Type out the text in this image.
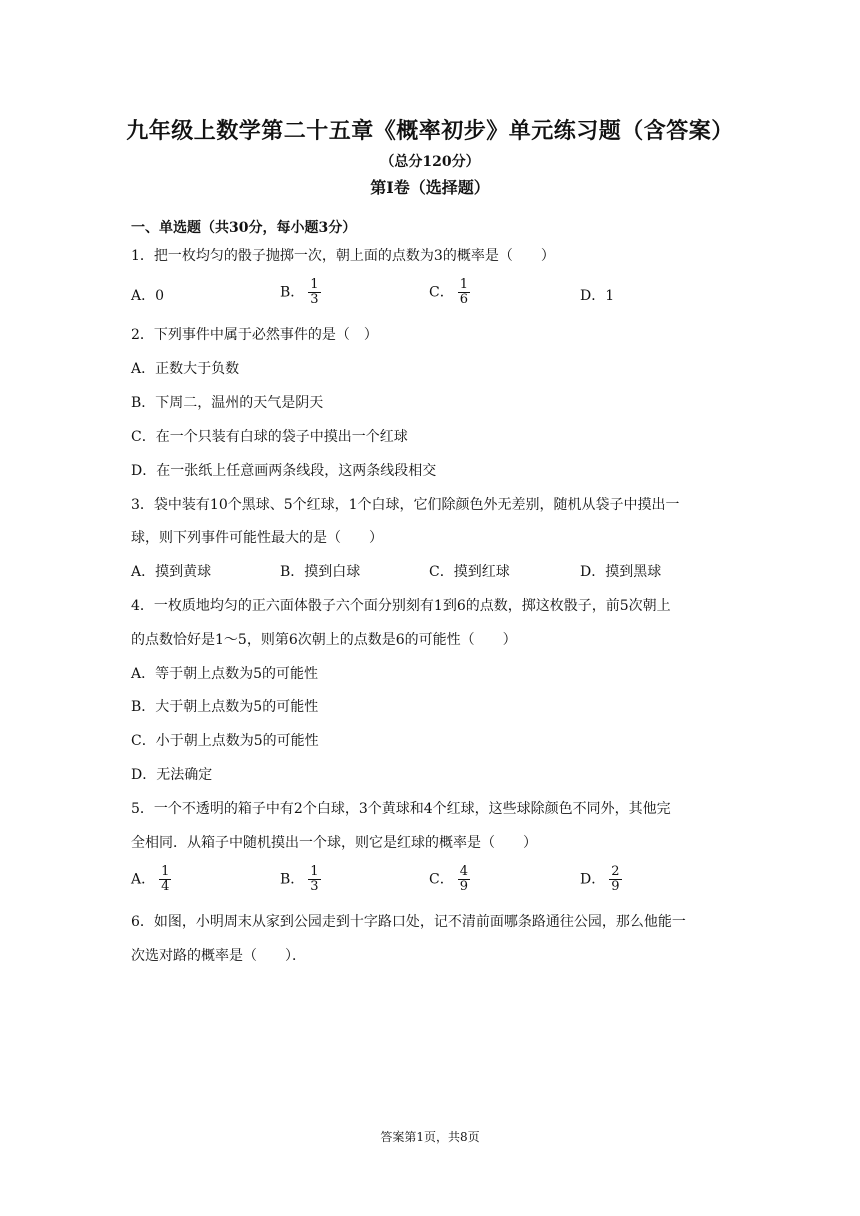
九年级上数学第二十五章《概率初步》单元练习题（含答案）
（总分120分）
第Ⅰ卷（选择题）
一、单选题（共30分，每小题3分）
1．把一枚均匀的骰子抛掷一次，朝上面的点数为3的概率是（　　）
A．0	B． $\frac{1}{3}$	C． $\frac{1}{6}$	D．1
2．下列事件中属于必然事件的是（　）
A．正数大于负数
B．下周二，温州的天气是阴天
C．在一个只装有白球的袋子中摸出一个红球
D．在一张纸上任意画两条线段，这两条线段相交
3．袋中装有10个黑球、5个红球，1个白球，它们除颜色外无差别，随机从袋子中摸出一
球，则下列事件可能性最大的是（　　）
A．摸到黄球	B．摸到白球	C．摸到红球	D．摸到黑球
4．一枚质地均匀的正六面体骰子六个面分别刻有1到6的点数，掷这枚骰子，前5次朝上
的点数恰好是1～5，则第6次朝上的点数是6的可能性（　　）
A．等于朝上点数为5的可能性
B．大于朝上点数为5的可能性
C．小于朝上点数为5的可能性
D．无法确定
5．一个不透明的箱子中有2个白球，3个黄球和4个红球，这些球除颜色不同外，其他完
全相同．从箱子中随机摸出一个球，则它是红球的概率是（　　）
A． $\frac{1}{4}$	B． $\frac{1}{3}$	C． $\frac{4}{9}$	D． $\frac{2}{9}$
6．如图，小明周末从家到公园走到十字路口处，记不清前面哪条路通往公园，那么他能一
次选对路的概率是（　　）．
答案第1页，共8页
